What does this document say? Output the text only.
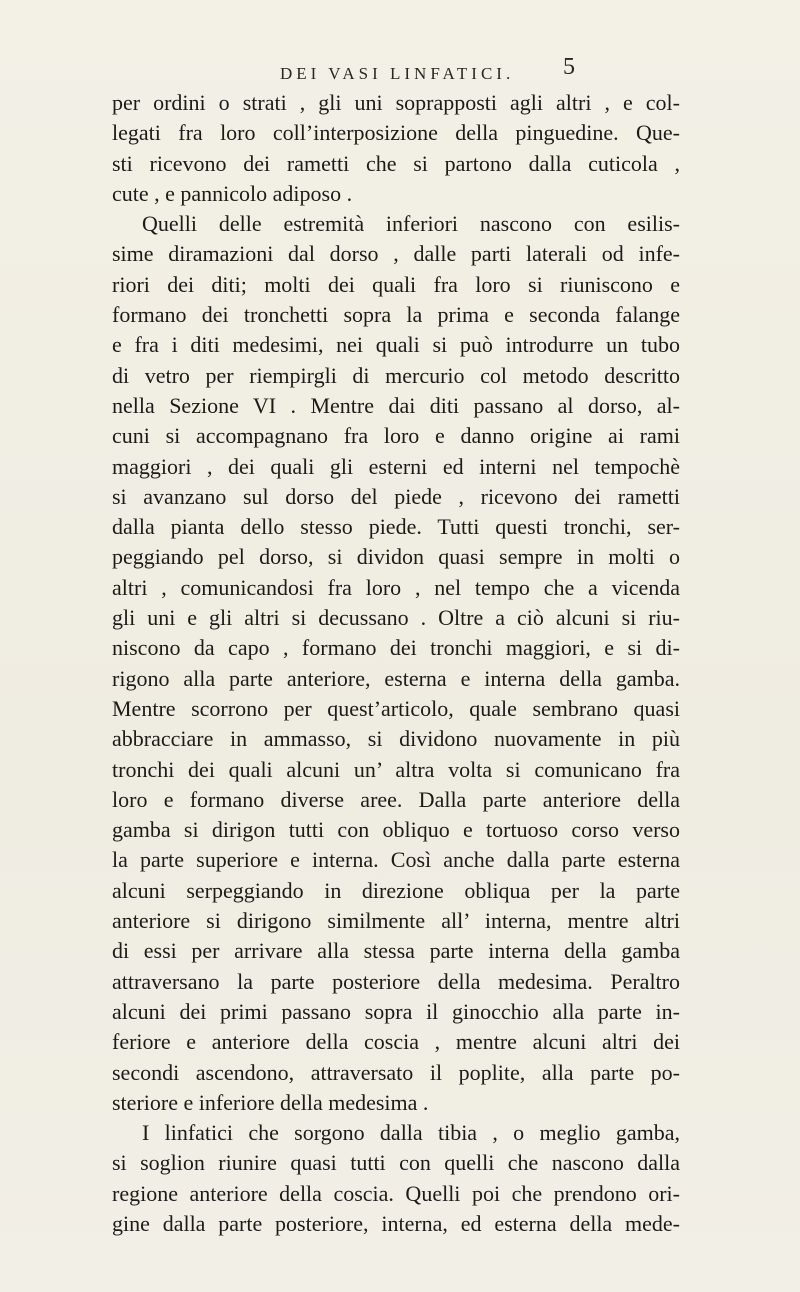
DEI VASI LINFATICI. 5
per ordini o strati , gli uni soprapposti agli altri , e col-
legati fra loro coll’interposizione della pinguedine. Que-
sti ricevono dei rametti che si partono dalla cuticola ,
cute , e pannicolo adiposo .
Quelli delle estremità inferiori nascono con esilis-
sime diramazioni dal dorso , dalle parti laterali od infe-
riori dei diti; molti dei quali fra loro si riuniscono e
formano dei tronchetti sopra la prima e seconda falange
e fra i diti medesimi, nei quali si può introdurre un tubo
di vetro per riempirgli di mercurio col metodo descritto
nella Sezione VI . Mentre dai diti passano al dorso, al-
cuni si accompagnano fra loro e danno origine ai rami
maggiori , dei quali gli esterni ed interni nel tempochè
si avanzano sul dorso del piede , ricevono dei rametti
dalla pianta dello stesso piede. Tutti questi tronchi, ser-
peggiando pel dorso, si dividon quasi sempre in molti o
altri , comunicandosi fra loro , nel tempo che a vicenda
gli uni e gli altri si decussano . Oltre a ciò alcuni si riu-
niscono da capo , formano dei tronchi maggiori, e si di-
rigono alla parte anteriore, esterna e interna della gamba.
Mentre scorrono per quest’articolo, quale sembrano quasi
abbracciare in ammasso, si dividono nuovamente in più
tronchi dei quali alcuni un’ altra volta si comunicano fra
loro e formano diverse aree. Dalla parte anteriore della
gamba si dirigon tutti con obliquo e tortuoso corso verso
la parte superiore e interna. Così anche dalla parte esterna
alcuni serpeggiando in direzione obliqua per la parte
anteriore si dirigono similmente all’ interna, mentre altri
di essi per arrivare alla stessa parte interna della gamba
attraversano la parte posteriore della medesima. Peraltro
alcuni dei primi passano sopra il ginocchio alla parte in-
feriore e anteriore della coscia , mentre alcuni altri dei
secondi ascendono, attraversato il poplite, alla parte po-
steriore e inferiore della medesima .
I linfatici che sorgono dalla tibia , o meglio gamba,
si soglion riunire quasi tutti con quelli che nascono dalla
regione anteriore della coscia. Quelli poi che prendono ori-
gine dalla parte posteriore, interna, ed esterna della mede-
